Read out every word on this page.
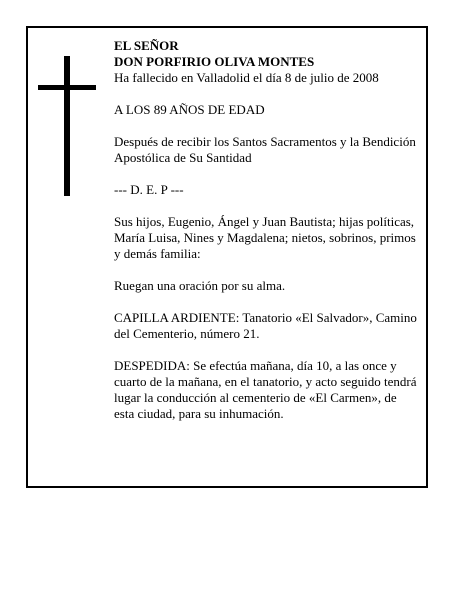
EL SEÑOR

DON PORFIRIO OLIVA MONTES

Ha fallecido en Valladolid el día 8 de julio de 2008

A LOS 89 AÑOS DE EDAD

Después de recibir los Santos Sacramentos y la Bendición Apostólica de Su Santidad

--- D. E. P ---

Sus hijos, Eugenio, Ángel y Juan Bautista; hijas políticas, María Luisa, Nines y Magdalena; nietos, sobrinos, primos y demás familia:

Ruegan una oración por su alma.

CAPILLA ARDIENTE: Tanatorio «El Salvador», Camino del Cementerio, número 21.

DESPEDIDA: Se efectúa mañana, día 10, a las once y cuarto de la mañana, en el tanatorio, y acto seguido tendrá lugar la conducción al cementerio de «El Carmen», de esta ciudad, para su inhumación.
